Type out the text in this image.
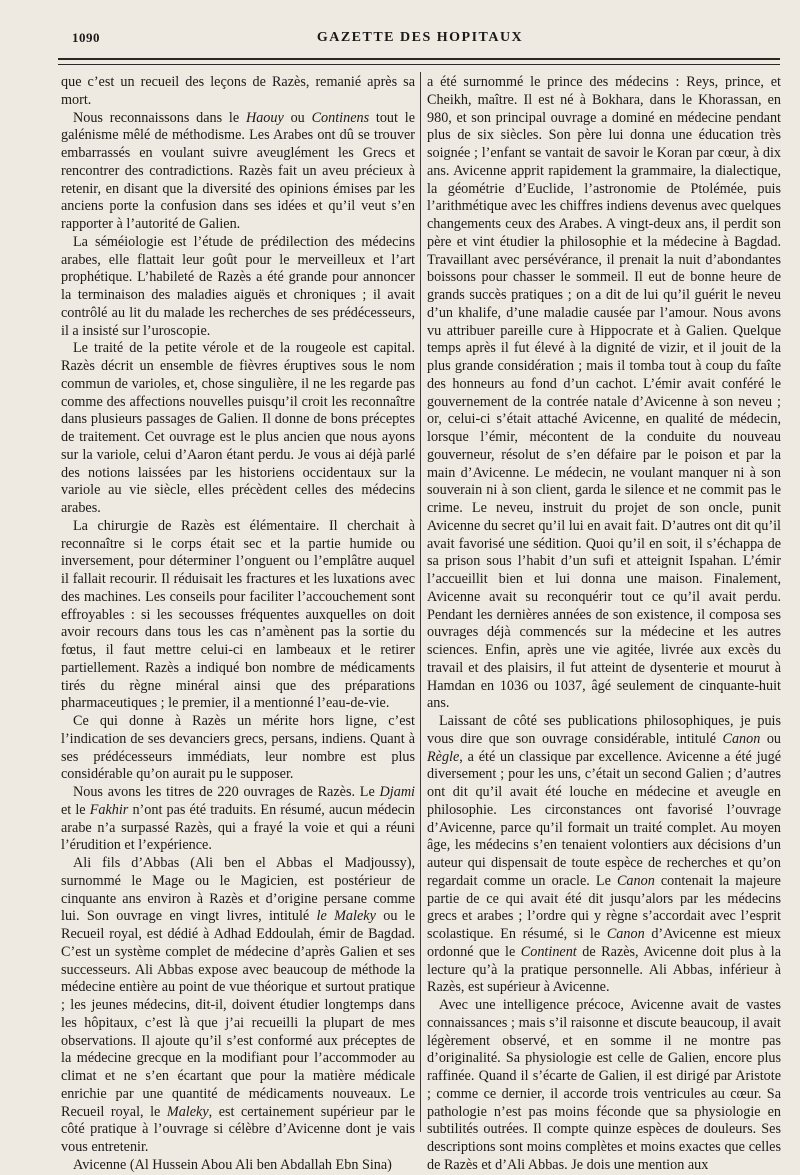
1090	GAZETTE DES HOPITAUX

que c’est un recueil des leçons de Razès, remanié après sa mort.

Nous reconnaissons dans le Haouy ou Continens tout le galénisme mêlé de méthodisme. Les Arabes ont dû se trouver embarrassés en voulant suivre aveuglément les Grecs et rencontrer des contradictions. Razès fait un aveu précieux à retenir, en disant que la diversité des opinions émises par les anciens porte la confusion dans ses idées et qu’il veut s’en rapporter à l’autorité de Galien.

La séméiologie est l’étude de prédilection des médecins arabes, elle flattait leur goût pour le merveilleux et l’art prophétique. L’habileté de Razès a été grande pour annoncer la terminaison des maladies aiguës et chroniques ; il avait contrôlé au lit du malade les recherches de ses prédécesseurs, il a insisté sur l’uroscopie.

Le traité de la petite vérole et de la rougeole est capital. Razès décrit un ensemble de fièvres éruptives sous le nom commun de varioles, et, chose singulière, il ne les regarde pas comme des affections nouvelles puisqu’il croit les reconnaître dans plusieurs passages de Galien. Il donne de bons préceptes de traitement. Cet ouvrage est le plus ancien que nous ayons sur la variole, celui d’Aaron étant perdu. Je vous ai déjà parlé des notions laissées par les historiens occidentaux sur la variole au vie siècle, elles précèdent celles des médecins arabes.

La chirurgie de Razès est élémentaire. Il cherchait à reconnaître si le corps était sec et la partie humide ou inversement, pour déterminer l’onguent ou l’emplâtre auquel il fallait recourir. Il réduisait les fractures et les luxations avec des machines. Les conseils pour faciliter l’accouchement sont effroyables : si les secousses fréquentes auxquelles on doit avoir recours dans tous les cas n’amènent pas la sortie du fœtus, il faut mettre celui-ci en lambeaux et le retirer partiellement. Razès a indiqué bon nombre de médicaments tirés du règne minéral ainsi que des préparations pharmaceutiques ; le premier, il a mentionné l’eau-de-vie.

Ce qui donne à Razès un mérite hors ligne, c’est l’indication de ses devanciers grecs, persans, indiens. Quant à ses prédécesseurs immédiats, leur nombre est plus considérable qu’on aurait pu le supposer.

Nous avons les titres de 220 ouvrages de Razès. Le Djami et le Fakhir n’ont pas été traduits. En résumé, aucun médecin arabe n’a surpassé Razès, qui a frayé la voie et qui a réuni l’érudition et l’expérience.

Ali fils d’Abbas (Ali ben el Abbas el Madjoussy), surnommé le Mage ou le Magicien, est postérieur de cinquante ans environ à Razès et d’origine persane comme lui. Son ouvrage en vingt livres, intitulé le Maleky ou le Recueil royal, est dédié à Adhad Eddoulah, émir de Bagdad. C’est un système complet de médecine d’après Galien et ses successeurs. Ali Abbas expose avec beaucoup de méthode la médecine entière au point de vue théorique et surtout pratique ; les jeunes médecins, dit-il, doivent étudier longtemps dans les hôpitaux, c’est là que j’ai recueilli la plupart de mes observations. Il ajoute qu’il s’est conformé aux préceptes de la médecine grecque en la modifiant pour l’accommoder au climat et ne s’en écartant que pour la matière médicale enrichie par une quantité de médicaments nouveaux. Le Recueil royal, le Maleky, est certainement supérieur par le côté pratique à l’ouvrage si célèbre d’Avicenne dont je vais vous entretenir.

Avicenne (Al Hussein Abou Ali ben Abdallah Ebn Sina)

a été surnommé le prince des médecins : Reys, prince, et Cheikh, maître. Il est né à Bokhara, dans le Khorassan, en 980, et son principal ouvrage a dominé en médecine pendant plus de six siècles. Son père lui donna une éducation très soignée ; l’enfant se vantait de savoir le Koran par cœur, à dix ans. Avicenne apprit rapidement la grammaire, la dialectique, la géométrie d’Euclide, l’astronomie de Ptolémée, puis l’arithmétique avec les chiffres indiens devenus avec quelques changements ceux des Arabes. A vingt-deux ans, il perdit son père et vint étudier la philosophie et la médecine à Bagdad. Travaillant avec persévérance, il prenait la nuit d’abondantes boissons pour chasser le sommeil. Il eut de bonne heure de grands succès pratiques ; on a dit de lui qu’il guérit le neveu d’un khalife, d’une maladie causée par l’amour. Nous avons vu attribuer pareille cure à Hippocrate et à Galien. Quelque temps après il fut élevé à la dignité de vizir, et il jouit de la plus grande considération ; mais il tomba tout à coup du faîte des honneurs au fond d’un cachot. L’émir avait conféré le gouvernement de la contrée natale d’Avicenne à son neveu ; or, celui-ci s’était attaché Avicenne, en qualité de médecin, lorsque l’émir, mécontent de la conduite du nouveau gouverneur, résolut de s’en défaire par le poison et par la main d’Avicenne. Le médecin, ne voulant manquer ni à son souverain ni à son client, garda le silence et ne commit pas le crime. Le neveu, instruit du projet de son oncle, punit Avicenne du secret qu’il lui en avait fait. D’autres ont dit qu’il avait favorisé une sédition. Quoi qu’il en soit, il s’échappa de sa prison sous l’habit d’un sufi et atteignit Ispahan. L’émir l’accueillit bien et lui donna une maison. Finalement, Avicenne avait su reconquérir tout ce qu’il avait perdu. Pendant les dernières années de son existence, il composa ses ouvrages déjà commencés sur la médecine et les autres sciences. Enfin, après une vie agitée, livrée aux excès du travail et des plaisirs, il fut atteint de dysenterie et mourut à Hamdan en 1036 ou 1037, âgé seulement de cinquante-huit ans.

Laissant de côté ses publications philosophiques, je puis vous dire que son ouvrage considérable, intitulé Canon ou Règle, a été un classique par excellence. Avicenne a été jugé diversement ; pour les uns, c’était un second Galien ; d’autres ont dit qu’il avait été louche en médecine et aveugle en philosophie. Les circonstances ont favorisé l’ouvrage d’Avicenne, parce qu’il formait un traité complet. Au moyen âge, les médecins s’en tenaient volontiers aux décisions d’un auteur qui dispensait de toute espèce de recherches et qu’on regardait comme un oracle. Le Canon contenait la majeure partie de ce qui avait été dit jusqu’alors par les médecins grecs et arabes ; l’ordre qui y règne s’accordait avec l’esprit scolastique. En résumé, si le Canon d’Avicenne est mieux ordonné que le Continent de Razès, Avicenne doit plus à la lecture qu’à la pratique personnelle. Ali Abbas, inférieur à Razès, est supérieur à Avicenne.

Avec une intelligence précoce, Avicenne avait de vastes connaissances ; mais s’il raisonne et discute beaucoup, il avait légèrement observé, et en somme il ne montre pas d’originalité. Sa physiologie est celle de Galien, encore plus raffinée. Quand il s’écarte de Galien, il est dirigé par Aristote ; comme ce dernier, il accorde trois ventricules au cœur. Sa pathologie n’est pas moins féconde que sa physiologie en subtilités outrées. Il compte quinze espèces de douleurs. Ses descriptions sont moins complètes et moins exactes que celles de Razès et d’Ali Abbas. Je dois une mention aux
